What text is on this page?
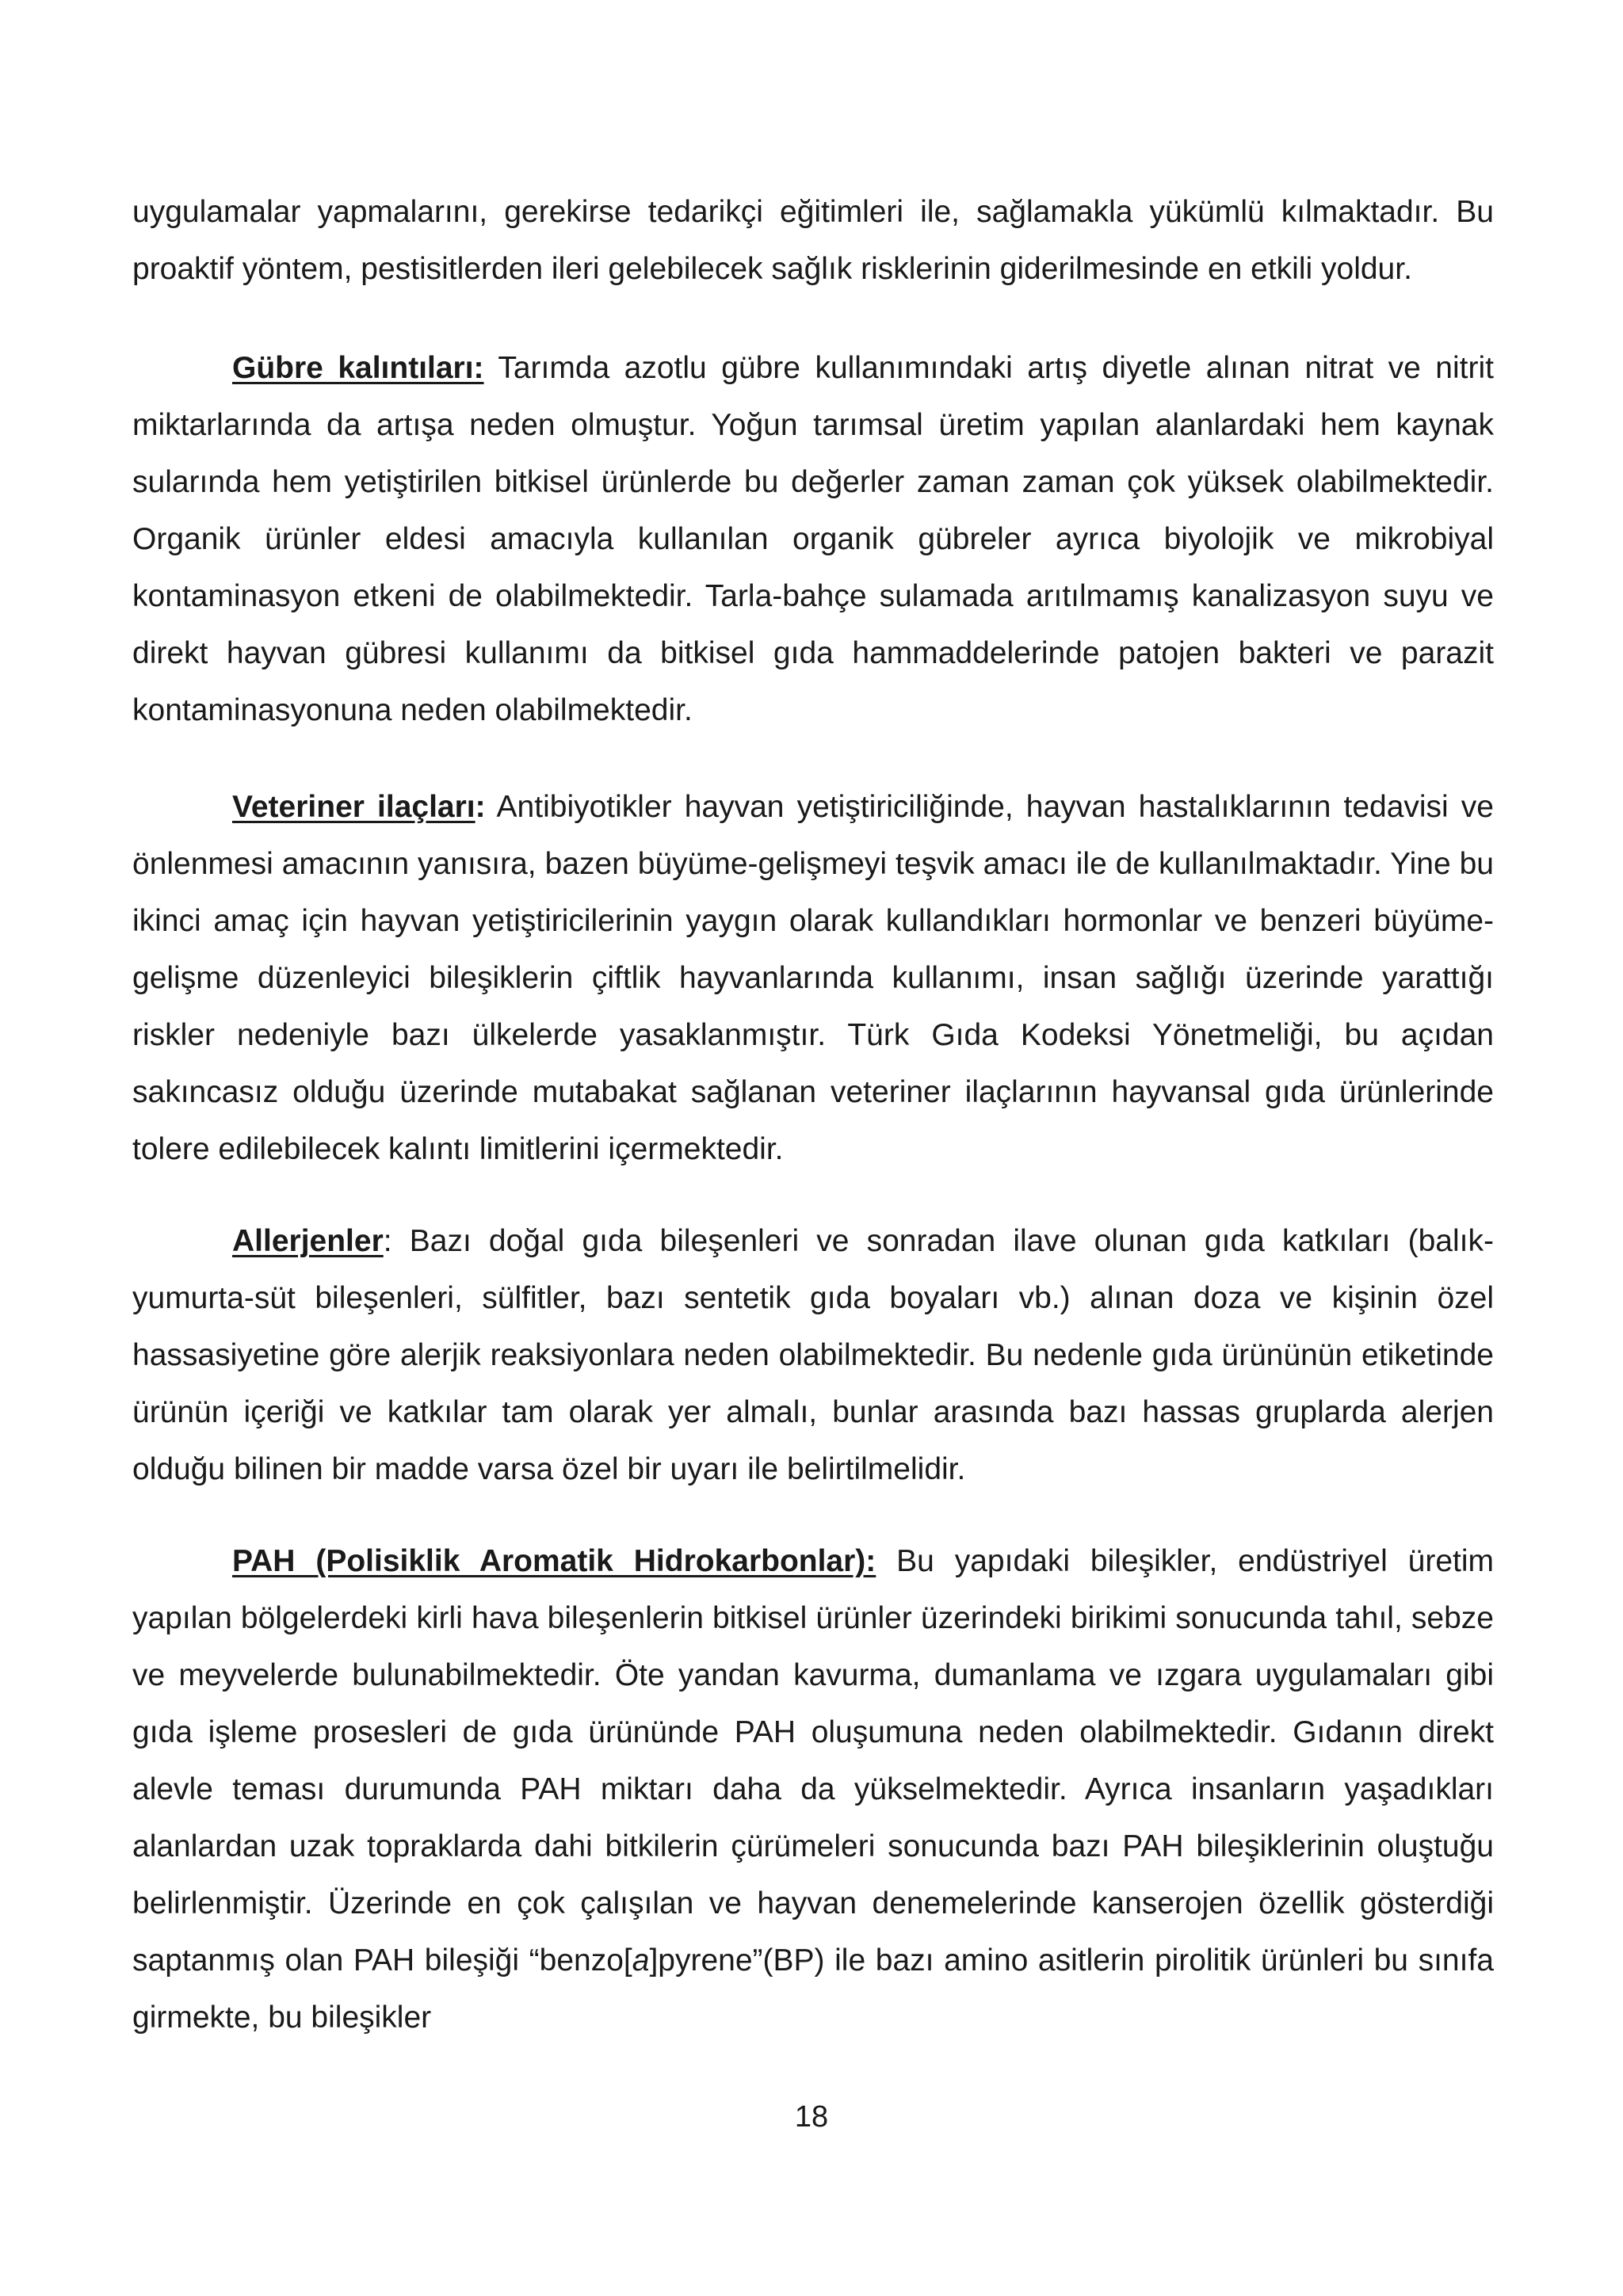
uygulamalar yapmalarını, gerekirse tedarikçi eğitimleri ile, sağlamakla yükümlü kılmaktadır. Bu proaktif yöntem, pestisitlerden ileri gelebilecek sağlık risklerinin giderilmesinde en etkili yoldur.

Gübre kalıntıları: Tarımda azotlu gübre kullanımındaki artış diyetle alınan nitrat ve nitrit miktarlarında da artışa neden olmuştur. Yoğun tarımsal üretim yapılan alanlardaki hem kaynak sularında hem yetiştirilen bitkisel ürünlerde bu değerler zaman zaman çok yüksek olabilmektedir. Organik ürünler eldesi amacıyla kullanılan organik gübreler ayrıca biyolojik ve mikrobiyal kontaminasyon etkeni de olabilmektedir. Tarla-bahçe sulamada arıtılmamış kanalizasyon suyu ve direkt hayvan gübresi kullanımı da bitkisel gıda hammaddelerinde patojen bakteri ve parazit kontaminasyonuna neden olabilmektedir.

Veteriner ilaçları: Antibiyotikler hayvan yetiştiriciliğinde, hayvan hastalıklarının tedavisi ve önlenmesi amacının yanısıra, bazen büyüme-gelişmeyi teşvik amacı ile de kullanılmaktadır. Yine bu ikinci amaç için hayvan yetiştiricilerinin yaygın olarak kullandıkları hormonlar ve benzeri büyüme-gelişme düzenleyici bileşiklerin çiftlik hayvanlarında kullanımı, insan sağlığı üzerinde yarattığı riskler nedeniyle bazı ülkelerde yasaklanmıştır. Türk Gıda Kodeksi Yönetmeliği, bu açıdan sakıncasız olduğu üzerinde mutabakat sağlanan veteriner ilaçlarının hayvansal gıda ürünlerinde tolere edilebilecek kalıntı limitlerini içermektedir.

Allerjenler: Bazı doğal gıda bileşenleri ve sonradan ilave olunan gıda katkıları (balık-yumurta-süt bileşenleri, sülfitler, bazı sentetik gıda boyaları vb.) alınan doza ve kişinin özel hassasiyetine göre alerjik reaksiyonlara neden olabilmektedir. Bu nedenle gıda ürününün etiketinde ürünün içeriği ve katkılar tam olarak yer almalı, bunlar arasında bazı hassas gruplarda alerjen olduğu bilinen bir madde varsa özel bir uyarı ile belirtilmelidir.

PAH (Polisiklik Aromatik Hidrokarbonlar): Bu yapıdaki bileşikler, endüstriyel üretim yapılan bölgelerdeki kirli hava bileşenlerin bitkisel ürünler üzerindeki birikimi sonucunda tahıl, sebze ve meyvelerde bulunabilmektedir. Öte yandan kavurma, dumanlama ve ızgara uygulamaları gibi gıda işleme prosesleri de gıda ürününde PAH oluşumuna neden olabilmektedir. Gıdanın direkt alevle teması durumunda PAH miktarı daha da yükselmektedir. Ayrıca insanların yaşadıkları alanlardan uzak topraklarda dahi bitkilerin çürümeleri sonucunda bazı PAH bileşiklerinin oluştuğu belirlenmiştir. Üzerinde en çok çalışılan ve hayvan denemelerinde kanserojen özellik gösterdiği saptanmış olan PAH bileşiği “benzo[a]pyrene”(BP) ile bazı amino asitlerin pirolitik ürünleri bu sınıfa girmekte, bu bileşikler

18
